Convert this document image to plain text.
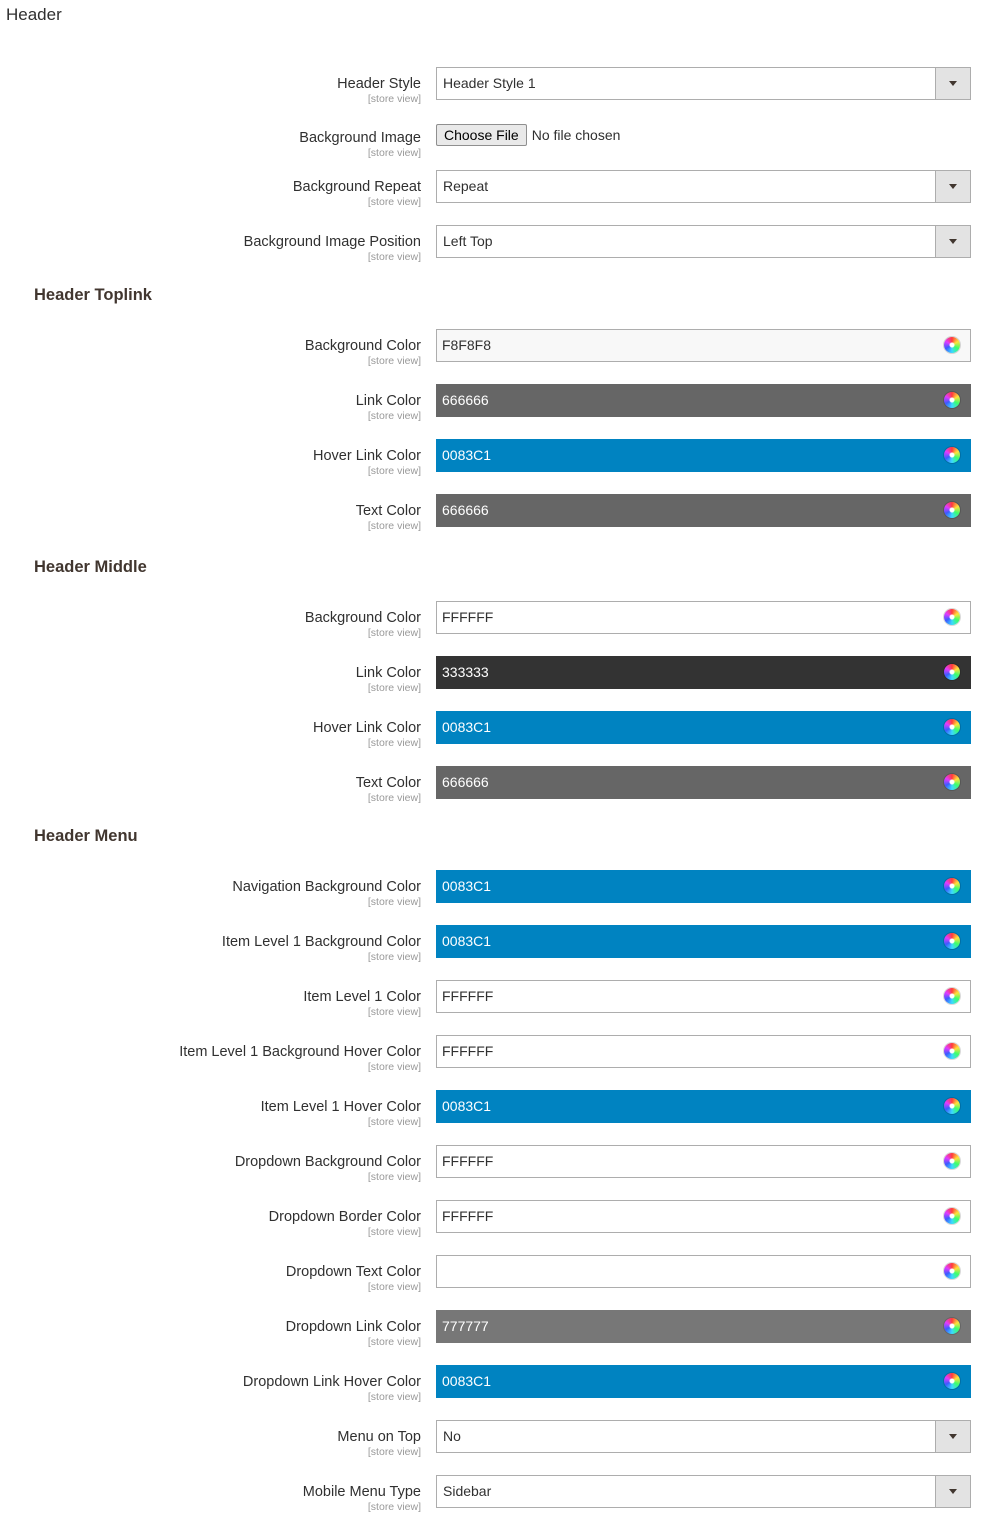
Header
Header Style
[store view]
Header Style 1
Background Image
[store view]
Choose File No file chosen
Background Repeat
[store view]
Repeat
Background Image Position
[store view]
Left Top
Header Toplink
Background Color
[store view]
F8F8F8
Link Color
[store view]
666666
Hover Link Color
[store view]
0083C1
Text Color
[store view]
666666
Header Middle
Background Color
[store view]
FFFFFF
Link Color
[store view]
333333
Hover Link Color
[store view]
0083C1
Text Color
[store view]
666666
Header Menu
Navigation Background Color
[store view]
0083C1
Item Level 1 Background Color
[store view]
0083C1
Item Level 1 Color
[store view]
FFFFFF
Item Level 1 Background Hover Color
[store view]
FFFFFF
Item Level 1 Hover Color
[store view]
0083C1
Dropdown Background Color
[store view]
FFFFFF
Dropdown Border Color
[store view]
FFFFFF
Dropdown Text Color
[store view]
Dropdown Link Color
[store view]
777777
Dropdown Link Hover Color
[store view]
0083C1
Menu on Top
[store view]
No
Mobile Menu Type
[store view]
Sidebar
